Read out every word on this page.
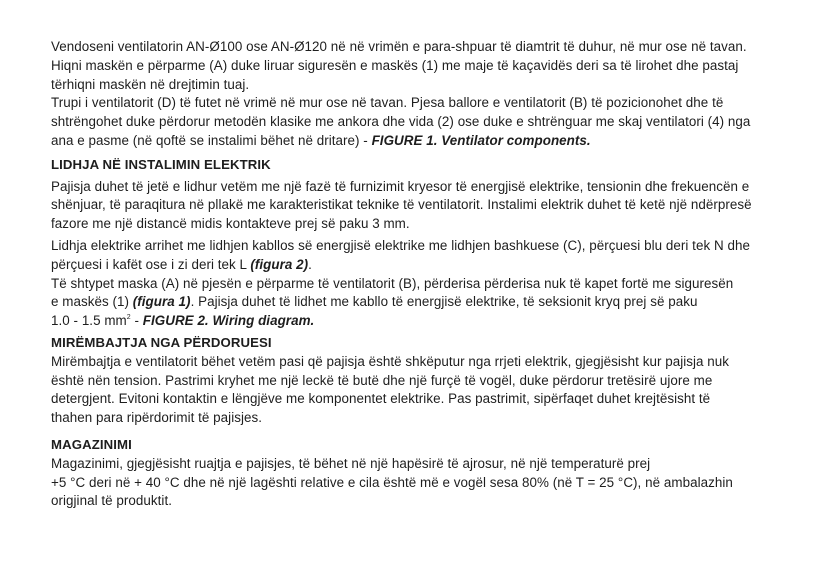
Vendoseni ventilatorin AN-Ø100 ose AN-Ø120 në në vrimën e para-shpuar të diamtrit të duhur, në mur ose në tavan.

Hiqni maskën e përparme (A) duke liruar siguresën e maskës (1) me maje të kaçavidës deri sa të lirohet dhe pastaj

tërhiqni maskën në drejtimin tuaj.

Trupi i ventilatorit (D) të futet në vrimë në mur ose në tavan. Pjesa ballore e ventilatorit (B) të pozicionohet dhe të

shtrëngohet duke përdorur metodën klasike me ankora dhe vida (2) ose duke e shtrënguar me skaj ventilatori (4) nga

ana e pasme (në qoftë se instalimi bëhet në dritare) - FIGURE 1. Ventilator components.

LIDHJA NË INSTALIMIN ELEKTRIK

Pajisja duhet të jetë e lidhur vetëm me një fazë të furnizimit kryesor të energjisë elektrike, tensionin dhe frekuencën e

shënjuar, të paraqitura në pllakë me karakteristikat teknike të ventilatorit. Instalimi elektrik duhet të ketë një ndërpresë

fazore me një distancë midis kontakteve prej së paku 3 mm.

Lidhja elektrike arrihet me lidhjen kabllos së energjisë elektrike me lidhjen bashkuese (C), përçuesi blu deri tek N dhe

përçuesi i kafët ose i zi deri tek L (figura 2).

Të shtypet maska (A) në pjesën e përparme të ventilatorit (B), përderisa përderisa nuk të kapet fortë me siguresën

e maskës (1) (figura 1). Pajisja duhet të lidhet me kabllo të energjisë elektrike, të seksionit kryq prej së paku

1.0 - 1.5 $mm^2$ - FIGURE 2. Wiring diagram.

MIRËMBAJTJA NGA PËRDORUESI

Mirëmbajtja e ventilatorit bëhet vetëm pasi që pajisja është shkëputur nga rrjeti elektrik, gjegjësisht kur pajisja nuk

është nën tension. Pastrimi kryhet me një leckë të butë dhe një furçë të vogël, duke përdorur tretësirë ujore me

detergjent. Evitoni kontaktin e lëngjëve me komponentet elektrike. Pas pastrimit, sipërfaqet duhet krejtësisht të

thahen para ripërdorimit të pajisjes.

MAGAZINIMI

Magazinimi, gjegjësisht ruajtja e pajisjes, të bëhet në një hapësirë të ajrosur, në një temperaturë prej

+5 °C deri në + 40 °C dhe në një lagështi relative e cila është më e vogël sesa 80% (në T = 25 °C), në ambalazhin

origjinal të produktit.
